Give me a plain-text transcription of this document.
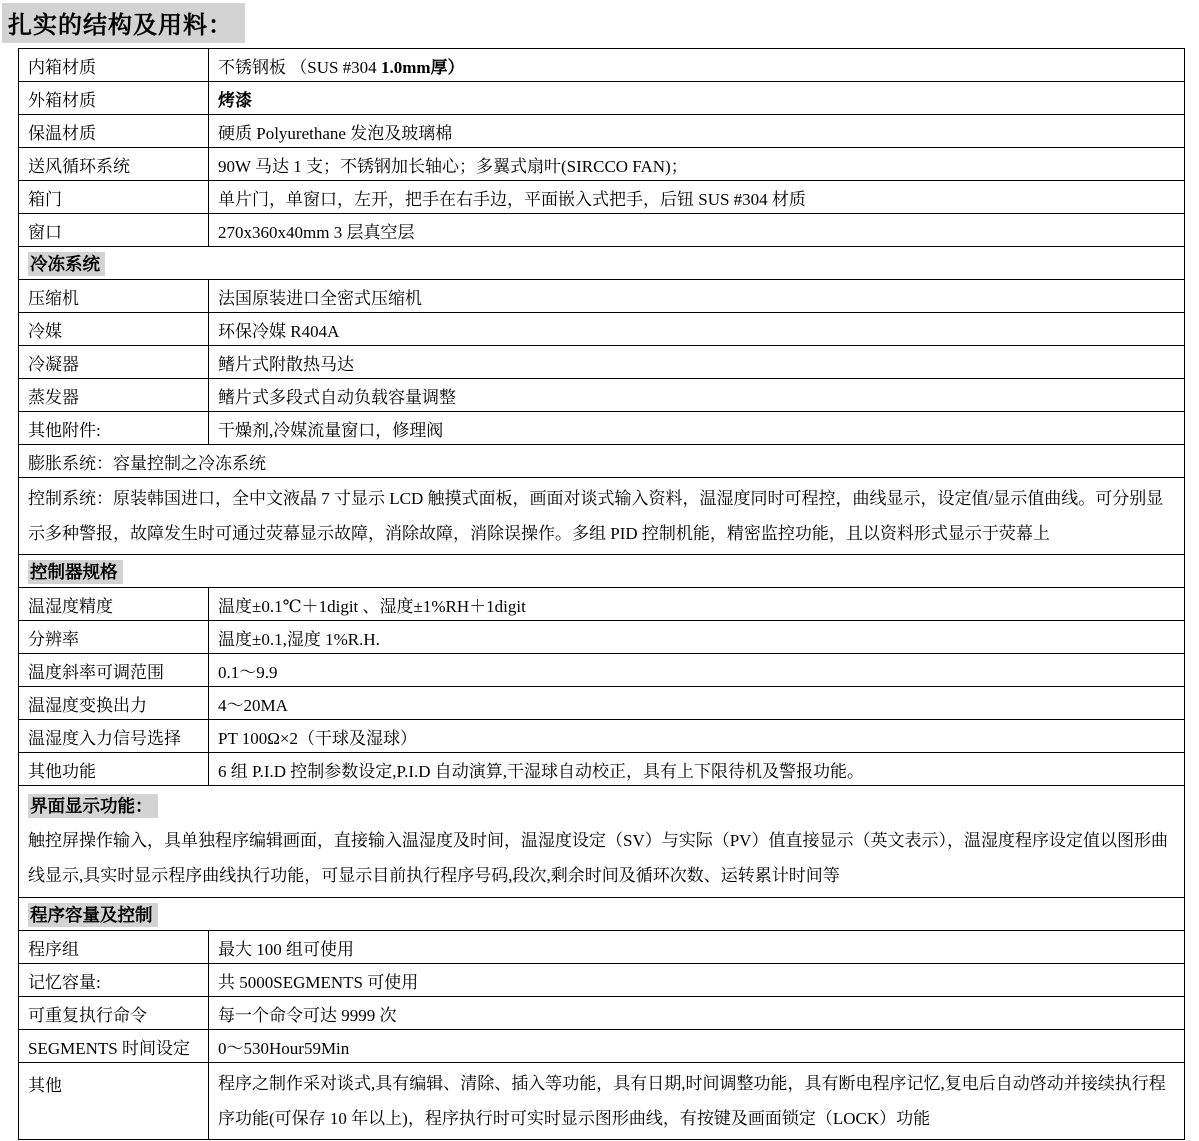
扎实的结构及用料：
内箱材质	不锈钢板 （SUS #304 1.0mm厚）
外箱材质	烤漆
保温材质	硬质 Polyurethane 发泡及玻璃棉
送风循环系统	90W 马达 1 支；不锈钢加长轴心；多翼式扇叶(SIRCCO FAN)；
箱门	单片门，单窗口，左开，把手在右手边，平面嵌入式把手，后钮 SUS #304 材质
窗口	270x360x40mm 3 层真空层
冷冻系统	
压缩机	法国原装进口全密式压缩机
冷媒	环保冷媒 R404A
冷凝器	鳍片式附散热马达
蒸发器	鳍片式多段式自动负载容量调整
其他附件:	干燥剂,冷媒流量窗口，修理阀
膨胀系统：容量控制之冷冻系统	
控制系统：原装韩国进口，全中文液晶 7 寸显示 LCD 触摸式面板，画面对谈式输入资料，温湿度同时可程控，曲线显示，设定值/显示值曲线。可分别显示多种警报，故障发生时可通过荧幕显示故障，消除故障，消除误操作。多组 PID 控制机能，精密监控功能，且以资料形式显示于荧幕上	
控制器规格	
温湿度精度	温度±0.1℃＋1digit 、湿度±1%RH＋1digit
分辨率	温度±0.1,湿度 1%R.H.
温度斜率可调范围	0.1～9.9
温湿度变换出力	4～20MA
温湿度入力信号选择	PT 100Ω×2（干球及湿球）
其他功能	6 组 P.I.D 控制参数设定,P.I.D 自动演算,干湿球自动校正，具有上下限待机及警报功能。

界面显示功能：
触控屏操作输入，具单独程序编辑画面，直接输入温湿度及时间，温湿度设定（SV）与实际（PV）值直接显示（英文表示），温湿度程序设定值以图形曲线显示,具实时显示程序曲线执行功能，可显示目前执行程序号码,段次,剩余时间及循环次数、运转累计时间等	

程序容量及控制	
程序组	最大 100 组可使用
记忆容量:	共 5000SEGMENTS 可使用
可重复执行命令	每一个命令可达 9999 次
SEGMENTS 时间设定	0～530Hour59Min
其他	程序之制作采对谈式,具有编辑、清除、插入等功能，具有日期,时间调整功能，具有断电程序记忆,复电后自动啓动并接续执行程序功能(可保存 10 年以上)，程序执行时可实时显示图形曲线，有按键及画面锁定（LOCK）功能
